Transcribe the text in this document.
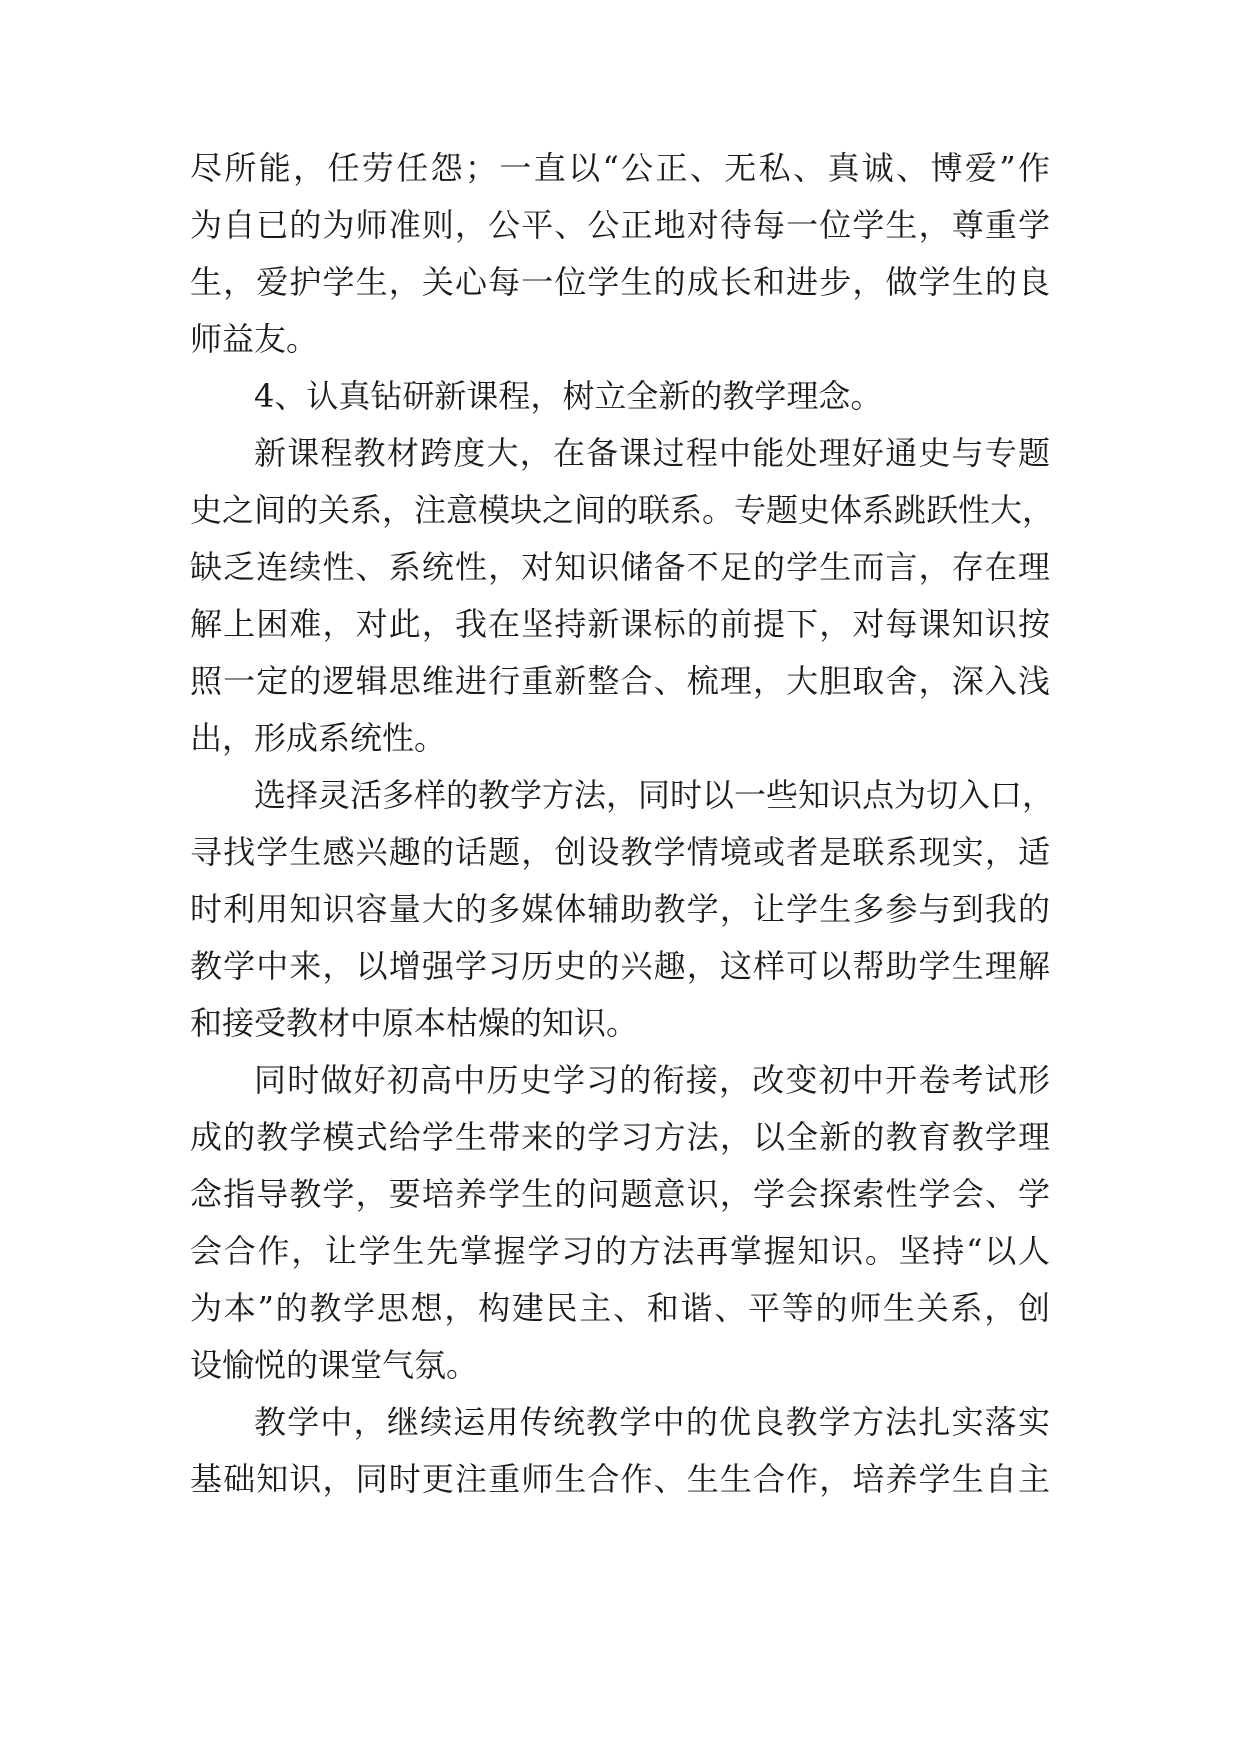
尽所能，任劳任怨；一直以“公正、无私、真诚、博爱”作
为自已的为师准则，公平、公正地对待每一位学生，尊重学
生，爱护学生，关心每一位学生的成长和进步，做学生的良
师益友。
4、认真钻研新课程，树立全新的教学理念。
新课程教材跨度大，在备课过程中能处理好通史与专题
史之间的关系，注意模块之间的联系。专题史体系跳跃性大，
缺乏连续性、系统性，对知识储备不足的学生而言，存在理
解上困难，对此，我在坚持新课标的前提下，对每课知识按
照一定的逻辑思维进行重新整合、梳理，大胆取舍，深入浅
出，形成系统性。
选择灵活多样的教学方法，同时以一些知识点为切入口，
寻找学生感兴趣的话题，创设教学情境或者是联系现实，适
时利用知识容量大的多媒体辅助教学，让学生多参与到我的
教学中来，以增强学习历史的兴趣，这样可以帮助学生理解
和接受教材中原本枯燥的知识。
同时做好初高中历史学习的衔接，改变初中开卷考试形
成的教学模式给学生带来的学习方法，以全新的教育教学理
念指导教学，要培养学生的问题意识，学会探索性学会、学
会合作，让学生先掌握学习的方法再掌握知识。坚持“以人
为本”的教学思想，构建民主、和谐、平等的师生关系，创
设愉悦的课堂气氛。
教学中，继续运用传统教学中的优良教学方法扎实落实
基础知识，同时更注重师生合作、生生合作，培养学生自主
